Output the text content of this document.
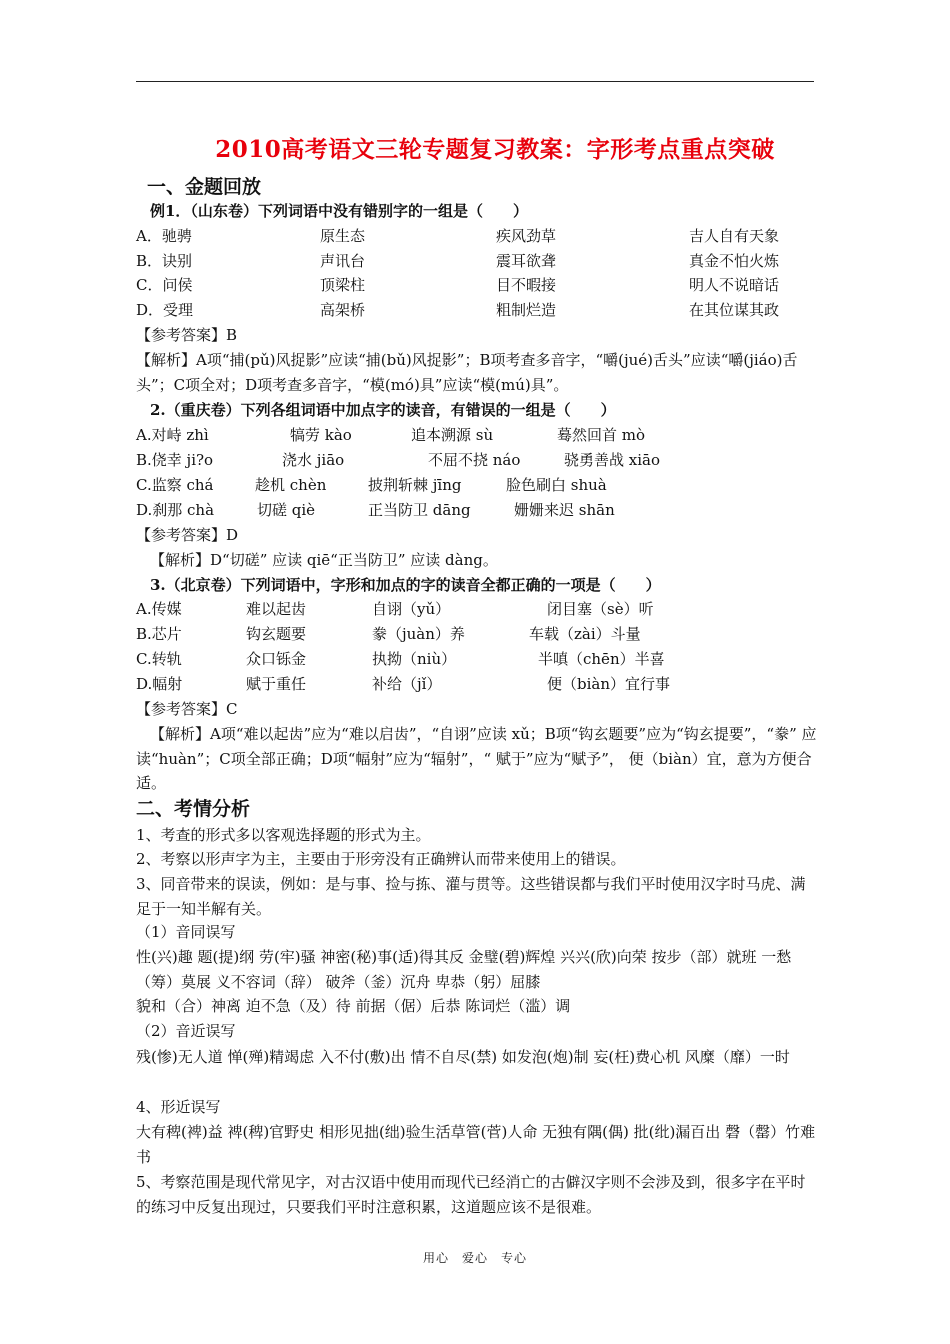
2010高考语文三轮专题复习教案：字形考点重点突破
一、金题回放
例1．（山东卷）下列词语中没有错别字的一组是（　　）
A．驰骋	原生态	疾风劲草	吉人自有天象
B．诀别	声讯台	震耳欲聋	真金不怕火炼
C．问侯	顶梁柱	目不暇接	明人不说暗话
D．受理	高架桥	粗制烂造	在其位谋其政
【参考答案】B
【解析】A项“捕(pǔ)风捉影”应读“捕(bǔ)风捉影”；B项考查多音字，“嚼(jué)舌头”应读“嚼(jiáo)舌头”；C项全对；D项考查多音字，“模(mó)具”应读“模(mú)具”。
2.（重庆卷）下列各组词语中加点字的读音，有错误的一组是（　　）
A.对峙 zhì	犒劳 kào	追本溯源 sù	蓦然回首 mò
B.侥幸 ji?o	浇水 jiāo	不屈不挠 náo	骁勇善战 xiāo
C.监察 chá	趁机 chèn	披荆斩棘 jīng	脸色刷白 shuà
D.刹那 chà	切磋 qiè	正当防卫 dāng	姗姗来迟 shān
【参考答案】D
【解析】D“切磋” 应读 qiē“正当防卫” 应读 dàng。
3.（北京卷）下列词语中，字形和加点的字的读音全都正确的一项是（　　）
A.传媒	难以起齿	自诩（yǔ）	闭目塞（sè）听
B.芯片	钩玄题要	豢（juàn）养	车载（zài）斗量
C.转轨	众口铄金	执拗（niù）	半嗔（chēn）半喜
D.幅射	赋于重任	补给（jǐ）	便（biàn）宜行事
【参考答案】C
【解析】A项“难以起齿”应为“难以启齿”，“自诩”应读 xǔ；B项“钩玄题要”应为“钩玄提要”，“豢” 应读“huàn”；C项全部正确；D项“幅射”应为“辐射”，“ 赋于”应为“赋予”， 便（biàn）宜，意为方便合适。
二、考情分析
1、考查的形式多以客观选择题的形式为主。
2、考察以形声字为主，主要由于形旁没有正确辨认而带来使用上的错误。
3、同音带来的误读，例如：是与事、捡与拣、灌与贯等。这些错误都与我们平时使用汉字时马虎、满足于一知半解有关。
（1）音同误写
性(兴)趣 题(提)纲 劳(牢)骚 神密(秘)事(适)得其反 金璧(碧)辉煌 兴兴(欣)向荣 按步（部）就班 一愁（筹）莫展 义不容词（辞） 破斧（釜）沉舟 卑恭（躬）屈膝
貌和（合）神离 迫不急（及）待 前据（倨）后恭 陈词烂（滥）调
（2）音近误写
残(惨)无人道 惮(殚)精竭虑 入不付(敷)出 情不自尽(禁) 如发泡(炮)制 妄(枉)费心机 风糜（靡）一时
4、形近误写
大有稗(裨)益 裨(稗)官野史 相形见拙(绌)验生活草管(菅)人命 无独有隅(偶) 批(纰)漏百出 磬（罄）竹难书
5、考察范围是现代常见字，对古汉语中使用而现代已经消亡的古僻汉字则不会涉及到，很多字在平时的练习中反复出现过，只要我们平时注意积累，这道题应该不是很难。
用心　爱心　专心
